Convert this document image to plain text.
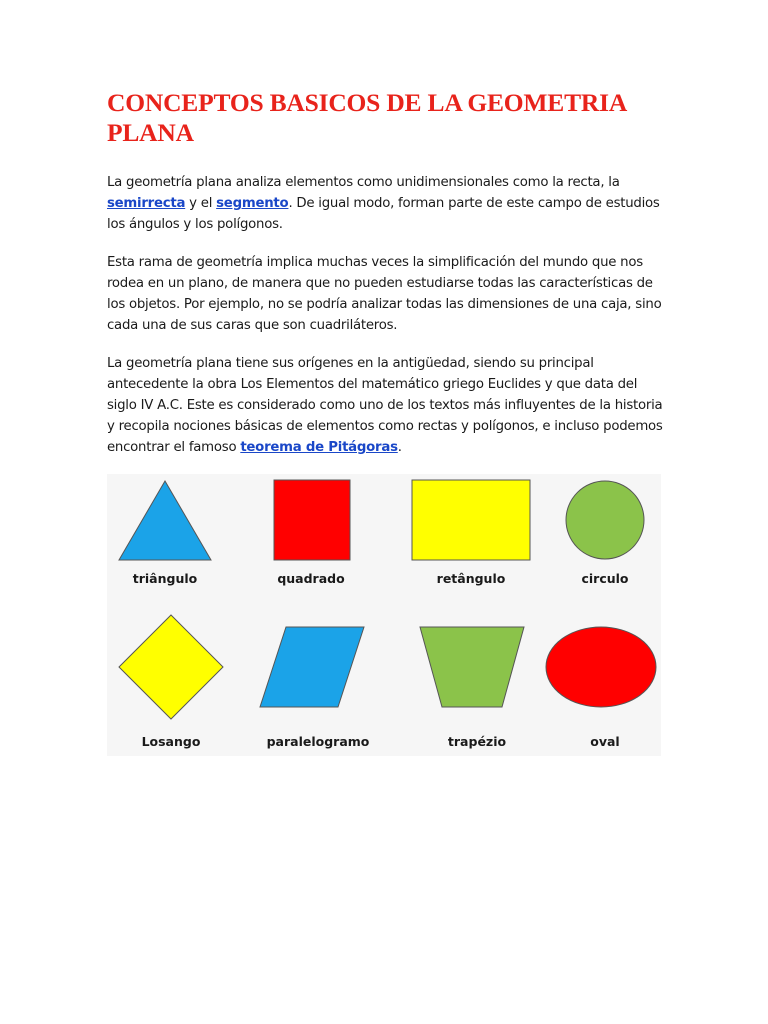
CONCEPTOS BASICOS DE LA GEOMETRIA PLANA

La geometría plana analiza elementos como unidimensionales como la recta, la semirrecta y el segmento. De igual modo, forman parte de este campo de estudios los ángulos y los polígonos.

Esta rama de geometría implica muchas veces la simplificación del mundo que nos rodea en un plano, de manera que no pueden estudiarse todas las características de los objetos. Por ejemplo, no se podría analizar todas las dimensiones de una caja, sino cada una de sus caras que son cuadriláteros.

La geometría plana tiene sus orígenes en la antigüedad, siendo su principal antecedente la obra Los Elementos del matemático griego Euclides y que data del siglo IV A.C. Este es considerado como uno de los textos más influyentes de la historia y recopila nociones básicas de elementos como rectas y polígonos, e incluso podemos encontrar el famoso teorema de Pitágoras.

triângulo	quadrado	retângulo	circulo
Losango	paralelogramo	trapézio	oval
